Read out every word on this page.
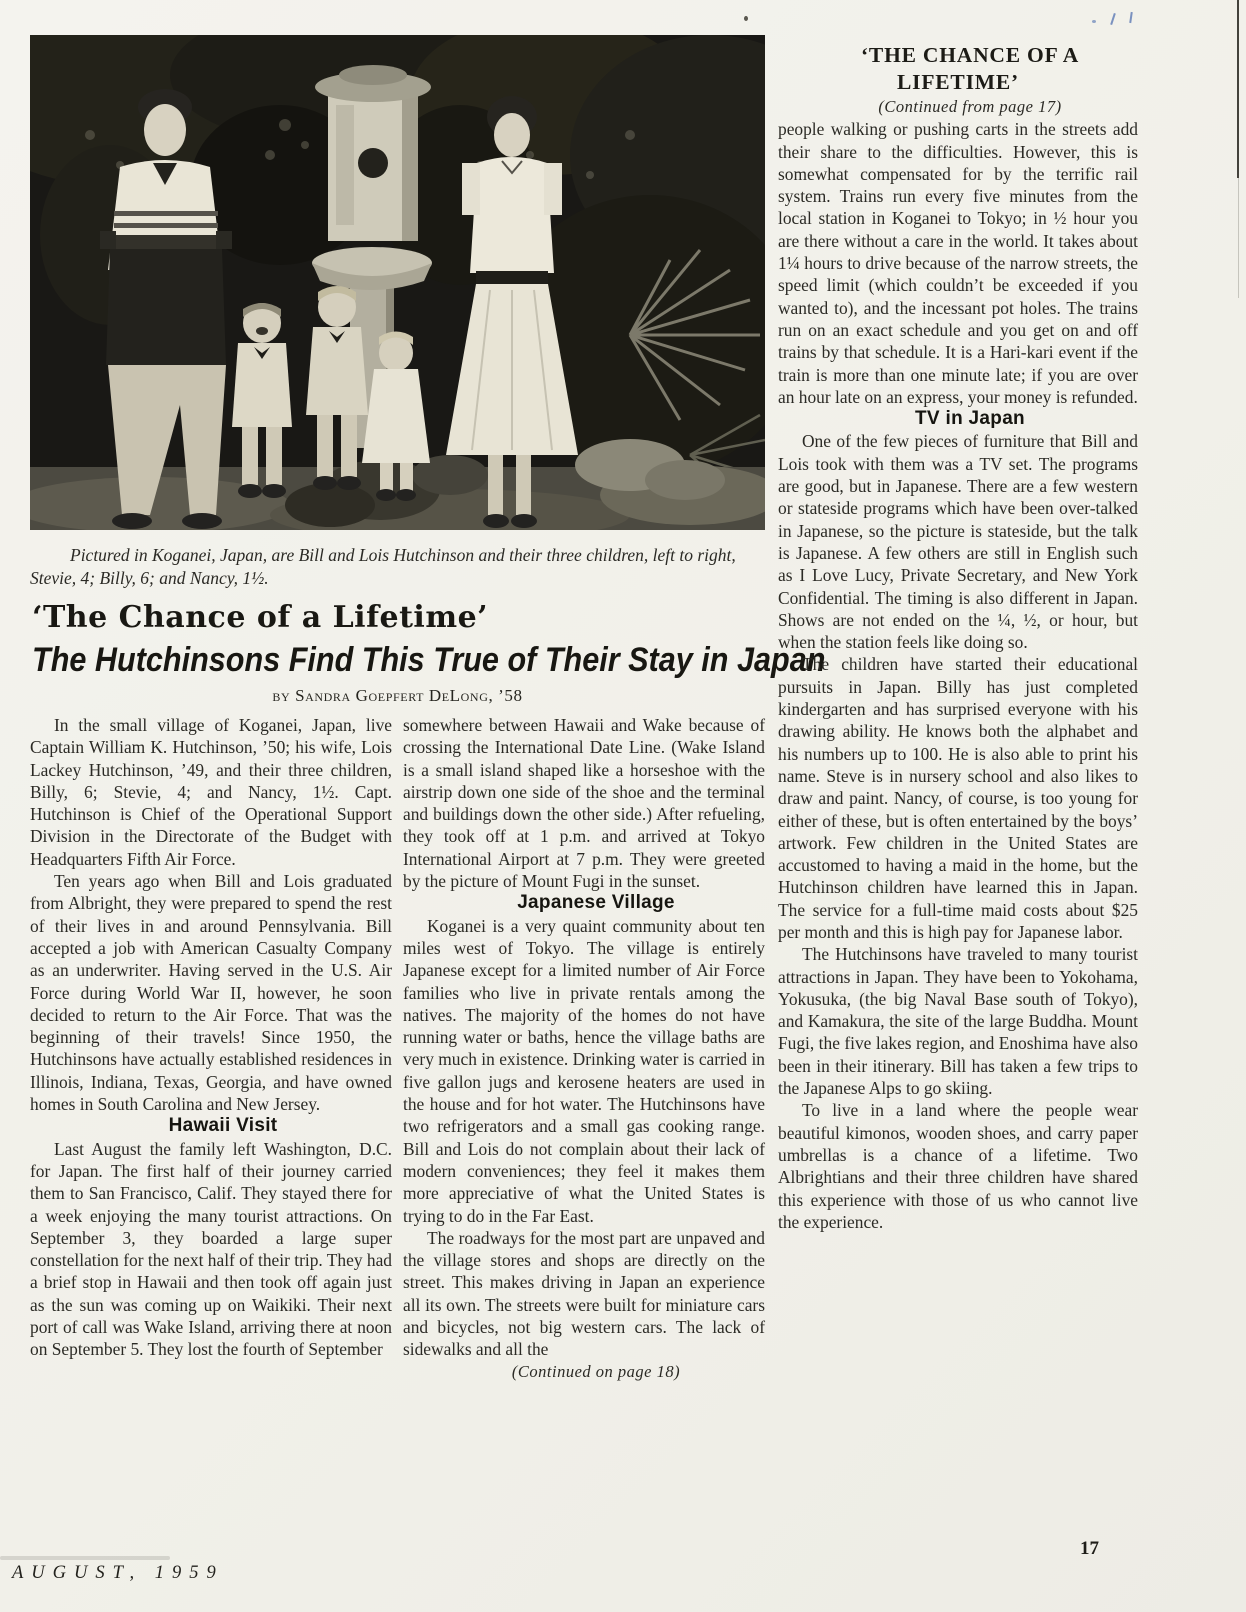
Pictured in Koganei, Japan, are Bill and Lois Hutchinson and their three children, left to right, Stevie, 4; Billy, 6; and Nancy, 1½.
‘The Chance of a Lifetime’
The Hutchinsons Find This True of Their Stay in Japan
by Sandra Goepfert DeLong, ’58

In the small village of Koganei, Japan, live Captain William K. Hutchinson, ’50; his wife, Lois Lackey Hutchinson, ’49, and their three children, Billy, 6; Stevie, 4; and Nancy, 1½. Capt. Hutchinson is Chief of the Operational Support Division in the Directorate of the Budget with Headquarters Fifth Air Force.

Ten years ago when Bill and Lois graduated from Albright, they were prepared to spend the rest of their lives in and around Pennsylvania. Bill accepted a job with American Casualty Company as an underwriter. Having served in the U.S. Air Force during World War II, however, he soon decided to return to the Air Force. That was the beginning of their travels! Since 1950, the Hutchinsons have actually established residences in Illinois, Indiana, Texas, Georgia, and have owned homes in South Carolina and New Jersey.

Hawaii Visit

Last August the family left Washington, D.C. for Japan. The first half of their journey carried them to San Francisco, Calif. They stayed there for a week enjoying the many tourist attractions. On September 3, they boarded a large super constellation for the next half of their trip. They had a brief stop in Hawaii and then took off again just as the sun was coming up on Waikiki. Their next port of call was Wake Island, arriving there at noon on September 5. They lost the fourth of September

somewhere between Hawaii and Wake because of crossing the International Date Line. (Wake Island is a small island shaped like a horseshoe with the airstrip down one side of the shoe and the terminal and buildings down the other side.) After refueling, they took off at 1 p.m. and arrived at Tokyo International Airport at 7 p.m. They were greeted by the picture of Mount Fugi in the sunset.

Japanese Village

Koganei is a very quaint community about ten miles west of Tokyo. The village is entirely Japanese except for a limited number of Air Force families who live in private rentals among the natives. The majority of the homes do not have running water or baths, hence the village baths are very much in existence. Drinking water is carried in five gallon jugs and kerosene heaters are used in the house and for hot water. The Hutchinsons have two refrigerators and a small gas cooking range. Bill and Lois do not complain about their lack of modern conveniences; they feel it makes them more appreciative of what the United States is trying to do in the Far East.

The roadways for the most part are unpaved and the village stores and shops are directly on the street. This makes driving in Japan an experience all its own. The streets were built for miniature cars and bicycles, not big western cars. The lack of sidewalks and all the

(Continued on page 18)

‘THE CHANCE OF A LIFETIME’

(Continued from page 17)

people walking or pushing carts in the streets add their share to the difficulties. However, this is somewhat compensated for by the terrific rail system. Trains run every five minutes from the local station in Koganei to Tokyo; in ½ hour you are there without a care in the world. It takes about 1¼ hours to drive because of the narrow streets, the speed limit (which couldn’t be exceeded if you wanted to), and the incessant pot holes. The trains run on an exact schedule and you get on and off trains by that schedule. It is a Hari-kari event if the train is more than one minute late; if you are over an hour late on an express, your money is refunded.

TV in Japan

One of the few pieces of furniture that Bill and Lois took with them was a TV set. The programs are good, but in Japanese. There are a few western or stateside programs which have been over-talked in Japanese, so the picture is stateside, but the talk is Japanese. A few others are still in English such as I Love Lucy, Private Secretary, and New York Confidential. The timing is also different in Japan. Shows are not ended on the ¼, ½, or hour, but when the station feels like doing so.

The children have started their educational pursuits in Japan. Billy has just completed kindergarten and has surprised everyone with his drawing ability. He knows both the alphabet and his numbers up to 100. He is also able to print his name. Steve is in nursery school and also likes to draw and paint. Nancy, of course, is too young for either of these, but is often entertained by the boys’ artwork. Few children in the United States are accustomed to having a maid in the home, but the Hutchinson children have learned this in Japan. The service for a full-time maid costs about $25 per month and this is high pay for Japanese labor.

The Hutchinsons have traveled to many tourist attractions in Japan. They have been to Yokohama, Yokusuka, (the big Naval Base south of Tokyo), and Kamakura, the site of the large Buddha. Mount Fugi, the five lakes region, and Enoshima have also been in their itinerary. Bill has taken a few trips to the Japanese Alps to go skiing.

To live in a land where the people wear beautiful kimonos, wooden shoes, and carry paper umbrellas is a chance of a lifetime. Two Albrightians and their three children have shared this experience with those of us who cannot live the experience.

AUGUST, 1959
17
